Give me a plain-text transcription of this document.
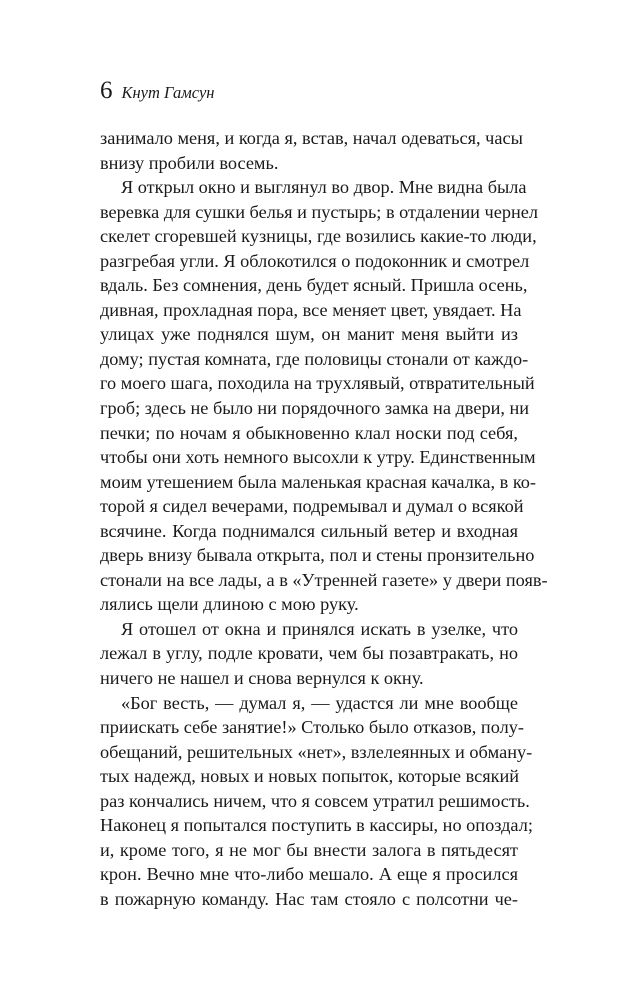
6 Кнут Гамсун
занимало меня, и когда я, встав, начал одеваться, часы
внизу пробили восемь.
Я открыл окно и выглянул во двор. Мне видна была
веревка для сушки белья и пустырь; в отдалении чернел
скелет сгоревшей кузницы, где возились какие-то люди,
разгребая угли. Я облокотился о подоконник и смотрел
вдаль. Без сомнения, день будет ясный. Пришла осень,
дивная, прохладная пора, все меняет цвет, увядает. На
улицах уже поднялся шум, он манит меня выйти из
дому; пустая комната, где половицы стонали от каждо-
го моего шага, походила на трухлявый, отвратительный
гроб; здесь не было ни порядочного замка на двери, ни
печки; по ночам я обыкновенно клал носки под себя,
чтобы они хоть немного высохли к утру. Единственным
моим утешением была маленькая красная качалка, в ко-
торой я сидел вечерами, подремывал и думал о всякой
всячине. Когда поднимался сильный ветер и входная
дверь внизу бывала открыта, пол и стены пронзительно
стонали на все лады, а в «Утренней газете» у двери появ-
лялись щели длиною с мою руку.
Я отошел от окна и принялся искать в узелке, что
лежал в углу, подле кровати, чем бы позавтракать, но
ничего не нашел и снова вернулся к окну.
«Бог весть, — думал я, — удастся ли мне вообще
приискать себе занятие!» Столько было отказов, полу-
обещаний, решительных «нет», взлелеянных и обману-
тых надежд, новых и новых попыток, которые всякий
раз кончались ничем, что я совсем утратил решимость.
Наконец я попытался поступить в кассиры, но опоздал;
и, кроме того, я не мог бы внести залога в пятьдесят
крон. Вечно мне что-либо мешало. А еще я просился
в пожарную команду. Нас там стояло с полсотни че-
